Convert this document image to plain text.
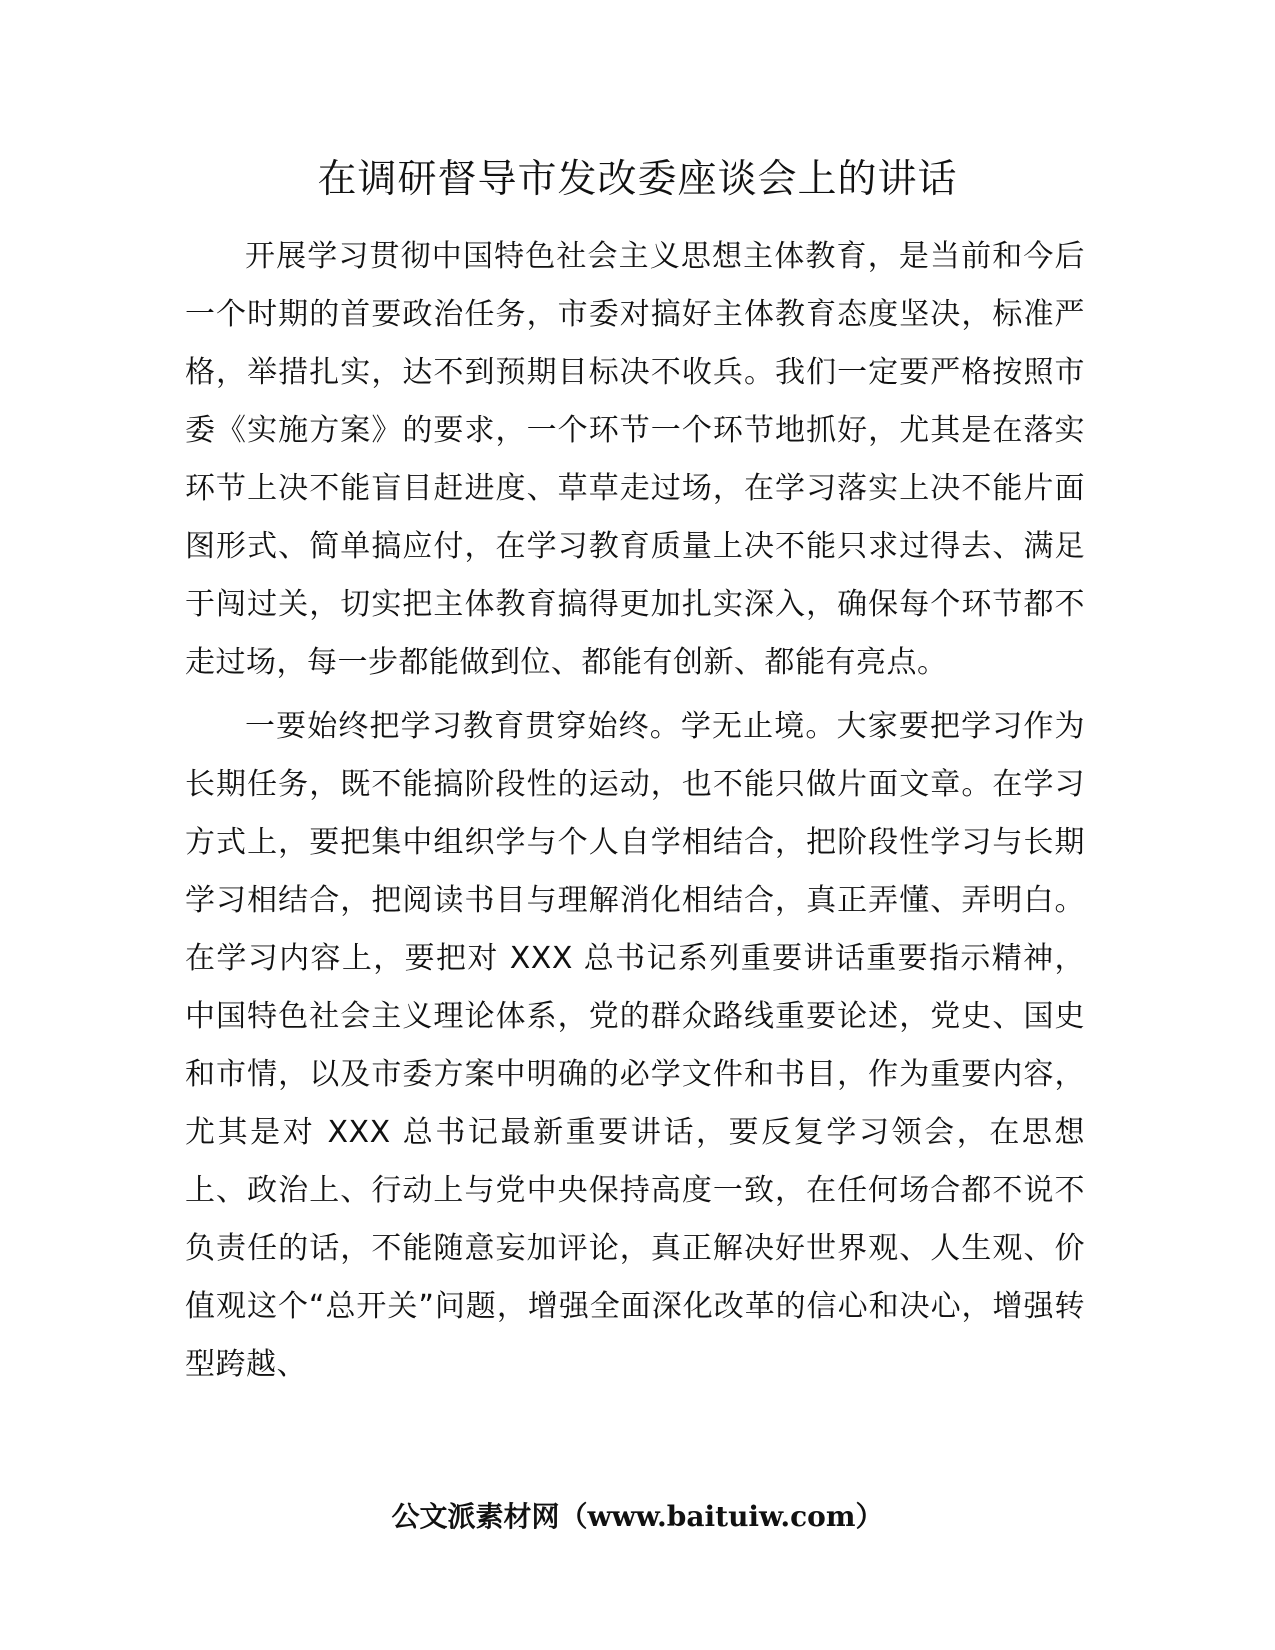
在调研督导市发改委座谈会上的讲话

开展学习贯彻中国特色社会主义思想主体教育，是当前和今后一个时期的首要政治任务，市委对搞好主体教育态度坚决，标准严格，举措扎实，达不到预期目标决不收兵。我们一定要严格按照市委《实施方案》的要求，一个环节一个环节地抓好，尤其是在落实环节上决不能盲目赶进度、草草走过场，在学习落实上决不能片面图形式、简单搞应付，在学习教育质量上决不能只求过得去、满足于闯过关，切实把主体教育搞得更加扎实深入，确保每个环节都不走过场，每一步都能做到位、都能有创新、都能有亮点。

一要始终把学习教育贯穿始终。学无止境。大家要把学习作为长期任务，既不能搞阶段性的运动，也不能只做片面文章。在学习方式上，要把集中组织学与个人自学相结合，把阶段性学习与长期学习相结合，把阅读书目与理解消化相结合，真正弄懂、弄明白。在学习内容上，要把对 XXX 总书记系列重要讲话重要指示精神，中国特色社会主义理论体系，党的群众路线重要论述，党史、国史和市情，以及市委方案中明确的必学文件和书目，作为重要内容，尤其是对 XXX 总书记最新重要讲话，要反复学习领会，在思想上、政治上、行动上与党中央保持高度一致，在任何场合都不说不负责任的话，不能随意妄加评论，真正解决好世界观、人生观、价值观这个“总开关”问题，增强全面深化改革的信心和决心，增强转型跨越、

公文派素材网（www.baituiw.com）
